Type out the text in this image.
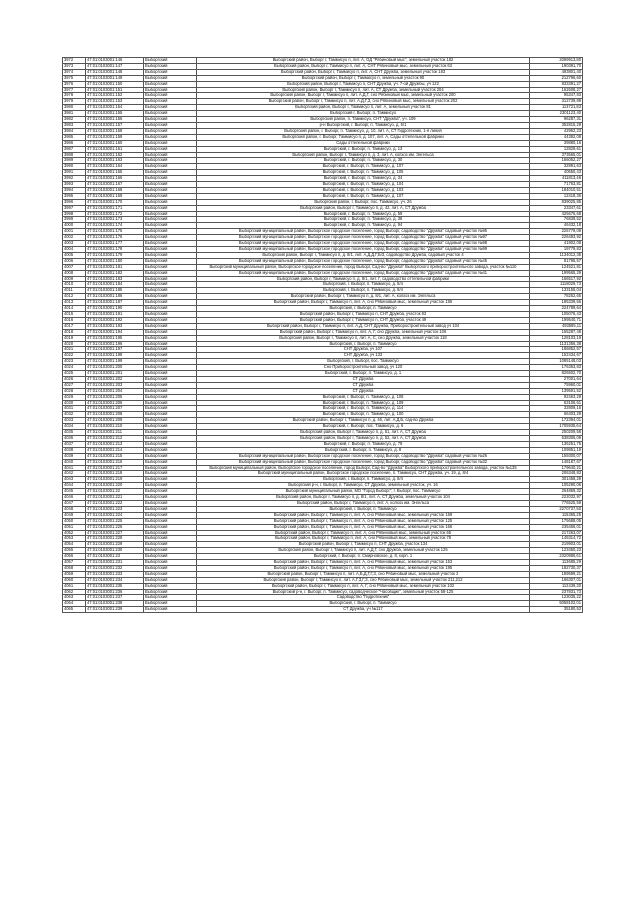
3972	47:01:0103001:146	Выборгский	Выборгский район, Выборг г, Таммисуо п, лит. А, ОД "Рябиновый мыс", земельный участок 182	2099913,80
3973	47:01:0103001:147	Выборгский	Выборгский район, Выборг г, Таммисуо п, лит. А, СНТ Рябиновый мыс, земельный участок 63	190391,70
3974	47:01:0103001:148	Выборгский	Выборгский район, Выборг г, Таммисуо п, лит. А, СНТ Дружба, земельный участок 183	493801,40
3975	47:01:0103001:149	Выборгский	Выборгский район, Выборг г, Таммисуо п, земельный участок 90	212796,60
3976	47:01:0103001:150	Выборгский	Выборгский район, Выборг г, Таммисуо п, СНТ Дружба, уч. 7-ой Дружбы, уч 122	833391,27
3977	47:01:0103001:151	Выборгский	Выборгский район, Выборг г, Таммисуо п, лит. А, СТ Дружба, земельный участок 204	162608,27
3978	47:01:0103001:152	Выборгский	Выборгский район, Выборг г, Таммисуо п, лит. А,Д,Г, сно Рябиновый мыс, земельный участок 200	95347,83
3979	47:01:0103001:153	Выборгский	Выборгский район, Выборг г, Таммисуо п, лит. А,Д,Г,З, сно Рябиновый мыс, земельный участок 202	312739,89
3980	47:01:0103001:154	Выборгский	Выборгский район, Выборг г, Таммисуо п, лит. А, земельный участок 81	113721,83
3981	47:01:0103001:155	Выборгский	Выборгский г. Выборг, п. Таммисуо	2301123,40
3982	47:01:0103001:156	Выборгский	Выборгский район, п. Таммисуо, СНТ "Дружба", уч. 109	96287,31
3983	47:01:0103001:157	Выборгский	р-н Выборгский, г. Выборг, п. Таммисуо, д. 5/1	352815,29
3984	47:01:0103001:158	Выборгский	Выборгский район, г. Выборг, п. Таммисуо, д. 10, лит. А, СТ Гидротехник, 1-я линия	42962,23
3985	47:01:0103001:159	Выборгский	Выборгский район, г. Выборг, Таммисуо п, д. 107, лит. А, Сады оттепельной фабрики	44392,08
3986	47:01:0103001:160	Выборгский	Сады оттепельной фабрики	39880,16
3987	47:01:0103001:161	Выборгский	Выборгский, г. Выборг, п. Таммисуо, д. 13	12829,61
3988	47:01:0103001:162	Выборгский	Выборгский район, Выборг г, Таммисуо п, д. 3, лит. А, колхоз им. Энгельса	373565,01
3989	47:01:0103001:163	Выборгский	Выборгский, г. Выборг, п. Таммисуо, д. 30	166052,27
3990	47:01:0103001:164	Выборгский	Выборгский, г. Выборг, п. Таммисуо, д. 107	32891,63
3991	47:01:0103001:165	Выборгский	Выборгский, г. Выборг, п. Таммисуо, д. 105	40650,43
3992	47:01:0103001:166	Выборгский	Выборгский, г. Выборг, п. Таммисуо, д. 34	411813,46
3993	47:01:0103001:167	Выборгский	Выборгский, г. Выборг, п. Таммисуо, д. 104	71763,81
3994	47:01:0103001:168	Выборгский	Выборгский, г. Выборг, п. Таммисуо, д. 103	184010,51
3995	47:01:0103001:169	Выборгский	Выборгский, г. Выборг, п. Таммисуо, д. 107	12418,36
3996	47:01:0103001:170	Выборгский	Выборгский район, г. Выборг, пос. Таммисуо, уч. 26	839025,85
3997	47:01:0103001:171	Выборгский	Выборгский район, Выборг г, Таммисуо п, д. 42, лит. А, СТ Дружба	23347,61
3998	47:01:0103001:172	Выборгский	Выборгский, г. Выборг, п. Таммисуо, д. 59	425676,68
3999	47:01:0103001:173	Выборгский	Выборгский, г. Выборг, п. Таммисуо, д. 38	76839,52
4000	47:01:0103001:174	Выборгский	Выборгский, г. Выборг, п. Таммисуо, д. 94	46432,18
4001	47:01:0103001:175	Выборгский	Выборгский муниципальный район, Выборгское городское поселение, город Выборг, садоводство "Дружба" садовый участок №95	225779,09
4002	47:01:0103001:176	Выборгский	Выборгский муниципальный район, Выборгское городское поселение, город Выборг, садоводство "Дружба" садовый участок №97	226493,92
4003	47:01:0103001:177	Выборгский	Выборгский муниципальный район, Выборгское городское поселение, город Выборг, садоводство "Дружба" садовый участок №98	41902,08
4004	47:01:0103001:178	Выборгский	Выборгский муниципальный район, Выборгское городское поселение, город Выборг, садоводство "Дружба" садовый участок №99	19779,83
4005	47:01:0103001:179	Выборгский	Выборгский район, Выборг г, Таммисуо п, д. 8/1, лит. А,Д,Д,Г,Б/3, садоводство Дружба, садовый участок 4	1134012,35
4006	47:01:0103001:180	Выборгский	Выборгский муниципальный район, Выборгское городское поселение, город Выборг, садоводство "Дружба" садовый участок №45	81795,57
4007	47:01:0103001:181	Выборгский	Выборгский муниципальный район, Выборгское городское поселение, город Выборг, Сад-во "Дружба" Выборгского приборостроительного завода, участок №110	124521,81
4008	47:01:0103001:182	Выборгский	Выборгский муниципальный район, Выборгское городское поселение, город Выборг, садоводство "Дружба" садовый участок №41	199565,29
4009	47:01:0103001:183	Выборгский	Выборгский район, Выборг г, Таммисуо п, д. 8/1, лит. Г, садоводство оттепельной фабрики	166517,92
4010	47:01:0103001:184	Выборгский	Выборгский, г. Выборг, п. Таммисуо, д. 8/4	1118029,73
4011	47:01:0103001:185	Выборгский	Выборгский, г. Выборг, п. Таммисуо, д. 8/4	133155,04
4012	47:01:0103001:186	Выборгский	Выборгский район, Выборг г, Таммисуо п, д. 8/1, лит. А, колхоз им. Энгельса	78252,65
4013	47:01:0103001:187	Выборгский	Выборгский район, Выборг г, Таммисуо п, лит. А, сно Рябиновый мыс, земельный участок 195	185339,66
4014	47:01:0103001:190	Выборгский	Выборгский, г. Выборг, п. Таммисуо	224789,64
4015	47:01:0103001:191	Выборгский	Выборгский район, Выборг г, Таммисуо п, СНТ Дружба, участок 93	105076,43
4016	47:01:0103001:192	Выборгский	Выборгский район, Выборг г, Таммисуо п, СНТ Дружба, участок 49	199540,71
4017	47:01:0103001:193	Выборгский	Выборгский район, Выборг г, Таммисуо п, лит. А,Д, СНТ Дружба, Приборостроительный завод уч 104	493585,11
4018	47:01:0103001:194	Выборгский	Выборгский район, Выборг г, Таммисуо п, лит. А, Г, сно Дружба, земельный участок 106	155287,48
4019	47:01:0103001:195	Выборгский	Выборгский район, Выборг г, Таммисуо п, лит. А, С, сно Дружба, земельный участок 118	128103,19
4020	47:01:0103001:196	Выборгский	Выборгский, г. Выборг, п. Таммисуо	1131356,38
4021	47:01:0103001:197	Выборгский	СНТ Дружба, уч 107	186852,57
4022	47:01:0103001:198	Выборгский	СНТ Дружба, уч 133	152434,67
4023	47:01:0103001:199	Выборгский	Выборгский, г. Выборг, пос. Таммисуо	1085148,03
4024	47:01:0103001:200	Выборгский	Сно Приборостроительный завод, уч 120	176353,83
4025	47:01:0103001:201	Выборгский	Выборгский, г. Выборг, п. Таммисуо, д. 1	826502,70
4026	47:01:0103001:202	Выборгский	СТ Дружба	27001,64
4027	47:01:0103001:203	Выборгский	СТ Дружба	75960,01
4028	47:01:0103001:204	Выборгский	СТ Дружба	139591,52
4029	47:01:0103001:205	Выборгский	Выборгский, г. Выборг, п. Таммисуо, д. 108	92463,29
4030	47:01:0103001:206	Выборгский	Выборгский, г. Выборг, п. Таммисуо, д. 109	63106,61
4031	47:01:0103001:207	Выборгский	Выборгский, г. Выборг, п. Таммисуо, д. 114	32809,16
4032	47:01:0103001:208	Выборгский	Выборгский, г. Выборг, п. Таммисуо, д. 100	66403,29
4033	47:01:0103001:209	Выборгский	Выборгский район, Выборг г, Таммисуо п, д. 46, лит. А,Д,Б, сад-во Дружба	172394,01
4034	47:01:0103001:210	Выборгский	Выборгский, г. Выборг, пос. Таммисуо, д. 6	1705935,64
4035	47:01:0103001:211	Выборгский	Выборгский район, Выборг г, Таммисуо п, д. 51, лит. А, СТ Дружба	250209,58
4036	47:01:0103001:212	Выборгский	Выборгский район, Выборг г, Таммисуо п, д. 52, лит. А, СТ Дружба	538306,09
4037	47:01:0103001:213	Выборгский	Выборгский, г. Выборг, п. Таммисуо, д. 79	136251,75
4038	47:01:0103001:214	Выборгский	Выборгский, г. Выборг, п. Таммисуо, д. 8	109851,19
4039	47:01:0103001:215	Выборгский	Выборгский муниципальный район, Выборгское городское поселение, город Выборг, садоводство "Дружба" садовый участок №26	159300,07
4040	47:01:0103001:216	Выборгский	Выборгский муниципальный район, Выборгское городское поселение, город Выборг, садоводство "Дружба" садовый участок №32	148187,67
4041	47:01:0103001:217	Выборгский	Выборгский муниципальный район, Выборгское городское поселение, город Выборг, Сад-во "Дружба" Выборгского приборостроительного завода, участок №135	179640,21
4042	47:01:0103001:218	Выборгский	Выборгский муниципальный район, Выборгское городское поселение, п. Таммисуо, СНТ Дружба, уч. 19, д. 8/4	206348,83
4043	47:01:0103001:219	Выборгский	Выборгский, г. Выборг, п. Таммисуо, д. 8/4	301458,29
4044	47:01:0103001:220	Выборгский	Выборгский р-н, г. Выборг, п. Таммисуо, СТ Дружба, земельный участок, уч. 16	105290,06
4045	47:01:0103001:22	Выборгский	Выборгский муниципальный район, МО "Город Выборг", г. Выборг, пос. Таммисуо	264869,32
4046	47:01:0103001:221	Выборгский	Выборгский район, Выборг г, Таммисуо п, д. 8/1, лит. А, СТ Дружба, земельный участок 104	222032,97
4047	47:01:0103001:222	Выборгский	Выборгский район, Выборг г, Таммисуо п, лит. А, колхоз им. Энгельса	776525,59
4048	47:01:0103001:223	Выборгский	Выборгский, г. Выборг, п. Таммисуо	2270737,50
4049	47:01:0103001:224	Выборгский	Выборгский район, Выборг г, Таммисуо п, лит. А, сно Рябиновый мыс, земельный участок 159	115365,25
4050	47:01:0103001:225	Выборгский	Выборгский район, Выборг г, Таммисуо п, лит. А, сно Рябиновый мыс, земельный участок 125	175688,05
4051	47:01:0103001:226	Выборгский	Выборгский район, Выборг г, Таммисуо п, лит. А, сно Рябиновый мыс, земельный участок 166	235466,01
4052	47:01:0103001:227	Выборгский	Выборгский район, Выборг г, Таммисуо п, лит. А, сно Рябиновый мыс, земельный участок 65	217263,07
4053	47:01:0103001:228	Выборгский	Выборгский район, Выборг г, Таммисуо п, лит. А, сно Рябиновый мыс, земельный участок 78	145314,72
4054	47:01:0103001:229	Выборгский	Выборгский район, Выборг г, Таммисуо п, СНТ Дружба, участок 134	219903,01
4055	47:01:0103001:230	Выборгский	Выборгский район, Выборг г, Таммисуо п, лит. А,Д,Г, сно Дружба, земельный участок 125	123450,23
4056	47:01:0103001:23	Выборгский	Выборгский, г. Выборг, п. Смирновское, д. 8, корп. 1	2320985,61
4057	47:01:0103001:231	Выборгский	Выборгский район, Выборг г, Таммисуо п, лит. А, сно Рябиновый мыс, земельный участок 153	113685,29
4058	47:01:0103001:232	Выборгский	Выборгский район, Выборг г, Таммисуо п, лит. А, сно Рябиновый мыс, земельный участок 195	182730,37
4059	47:01:0103001:233	Выборгский	Выборгский район, Выборг г, Таммисуо п, лит. А,Б,Д,Г,Г,З, сно Рябиновый мыс, земельный участок 2	189599,21
4060	47:01:0103001:234	Выборгский	Выборгский район, Выборг г, Таммисуо п, лит. А,Г,З,Г,З, сно Рябиновый мыс, земельный участок 211,212	166307,01
4061	47:01:0103001:235	Выборгский	Выборгский район, Выборг г, Таммисуо п, лит. А, Г, сно Рябиновый мыс, земельный участок 102	112439,30
4062	47:01:0103001:236	Выборгский	Выборгский р-н, г. Выборг, п. Таммисуо, садоводческое "Часовщик", земельный участок 58-125	237831,73
4063	47:01:0103001:237	Выборгский	Садоводство "Гидротехник"	123035,22
4064	47:01:0103001:238	Выборгский	Выборгский, г. Выборг, п. Таммисуо	5058102,01
4065	47:01:0103001:239	Выборгский	СТ Дружба, уч №117	35180,53
